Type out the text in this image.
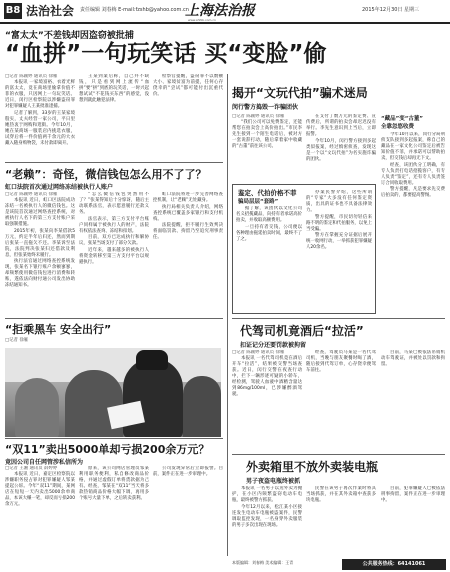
B8 法治社会 责任编辑 刘春梅 E-mail:fzshb@yahoo.com.cn
上海法治报
www.shfzb.com.cn
2015年12月30日 星期三
“富太太”不差钱却因盗窃被批捕
“血拼”一句玩笑话 买“变脸”偷
□记者 陈颖婷 通讯员 徐雁

本报讯 一家境富裕、衣着光鲜的富太太，竟在商场里偷拿价值不菲的衣服，只因网上一句玩笑话。近日，闵行区检察院以涉嫌盗窃罪对犯罪嫌疑人王某批准逮捕。

记者了解到，33岁的王某家境殷实，丈夫经营一家公司，平日里她热衷于网购和逛街。今年10月，她在某商场一服装店内挑选衣服，试穿后将一件价值两千余元的大衣藏入随身购物袋，未付款即离开。

王某到案后称，自己并不缺钱，只是看到网上流传“血拼”要“拼”到底的玩笑话，一时兴起想试试“不花钱买东西”的感觉，没想到就此触犯法律。

检察官提醒，盗窃罪不以数额大小、家境贫富为前提，任何心存侥幸的“尝试”都可能付出沉重代价。

“老赖”：奇怪，微信钱包怎么用不了了？
虹口法院首次通过网络冻结被执行人账户
□记者 陈颖婷 通讯员 徐雁

本报讯 近日，虹口区法院成功冻结一名被执行人的微信钱包。这是该院首次通过网络查控系统，对被执行人名下的第三方支付账户采取强制措施。

2015年初，张某向李某借款5万元，约定半年后归还，然而到期后张某一直拖欠不还。李某诉至法院，法院判决张某归还借款及利息，但张某始终未履行。

执行法官通过网络查控系统发现，张某名下银行账户余额寥寥，却频繁使用微信钱包进行消费和转账，遂依法向财付通公司发出协助冻结通知书。

“怎么微信钱包突然用不了？”张某得知后十分惊讶，随后主动联系法官，表示愿意履行还款义务。

法官表示，第三方支付平台账户同样属于被执行人的财产，法院有权依法查询、冻结和扣划。

目前，双方已达成执行和解协议，张某当场支付了部分欠款。

近年来，越来越多的被执行人将资金转移至第三方支付平台以规避执行。

虹口法院将进一步完善网络查控机制，让“老赖”无处藏身。

执行局相关负责人介绍，网络查控系统已覆盖多家银行和支付机构。

法院提醒，拒不履行生效判决将面临罚款、拘留乃至追究刑事责任。

“拒乘黑车 安全出行”
□记者 徐雁
“双11”卖出5000单却亏损200余万元？
竟因公司自任网管涉私信所为
□记者 王湘 通讯员 薛婷婷

本报讯 近日，嘉定区检察院以涉嫌职务侵占罪对犯罪嫌疑人邹某提起公诉。今年“双11”期间，某网店在短短一天内卖出5000余单商品，本该大赚一笔，却反而亏损200余万元。

原来，该公司网店管理员邹某利用职务便利，私自修改商品价格，并通过虚假订单将货款据为己有。经查，邹某在“双11”当天将多款热销商品价格大幅下调，再用多个账号大量下单，之后转卖获利。

公司发现异常后立即报警。目前，案件正在进一步审理中。

揭开“文玩代拍”骗术迷局
闵行警方捣毁一诈骗团伙
□记者 陈颖婷 通讯员 徐雁

“我们公司可以免费鉴定，还能帮您在拍卖会上高价拍出。”市民李先生接到一个陌生电话后，被对方一套说辞打动，随后拿着家中收藏的“古董”前往该公司。

在支付了数万元的鉴定费、宣传费后，所谓的拍卖会却迟迟没有举行。李先生意识到上当后，立即报警。

今年10月，闵行警方接到多起类似报案，经过缜密侦查，发现这是一个以“文玩代拍”为名实施诈骗的团伙。

鉴定、代拍价格不菲
骗局层层“套路”

据了解，该团伙以文化公司名义招揽藏品，向持有者承诺高价拍卖，并收取高额费用。

一旦持有者交钱，公司便以各种理由拖延拍卖时间，最终不了了之。

办案民警介绍，这些所谓的“专家”大多没有任何鉴定资质，出具的证书也不具备法律效力。

警方提醒，市民切勿轻信来路不明的鉴定和代拍服务，以免上当受骗。

警方在掌握充分证据后展开统一收网行动，一举抓获犯罪嫌疑人20余名。

“藏品”变“古董”
全靠忽悠收费

今年10月以来，闵行分局刑侦支队接到多起报案，称自己的藏品在一家文化公司鉴定后被告知价值不菲，并承诺可以帮助拍卖，但交钱后却再无下文。

经查，该团伙分工明确，有专人负责打电话招揽客户，有专人负责“鉴定”，还有专人负责签订合同收取费用。

警方提醒，凡是要求先交费后拍卖的，都要提高警惕。

代驾司机竟酒后“拉活”
扣证记分还要罚款被拘留
□记者 陈颖婷 通讯员 徐雁

本报讯 一名代驾司机竟在酒后开车“拉活”，结果被交警当场查获。近日，闵行交警在夜查行动中，拦下一辆形迹可疑的小轿车，经检测，驾驶人血液中酒精含量达到86mg/100ml，已涉嫌醉酒驾驶。

经查，驾驶员马某是一名代驾司机，当晚与朋友聚餐时喝了酒，随后接到代驾订单，心存侥幸便驾车前往。

目前，马某已被依法吊销机动车驾驶证，并被处以罚款和拘留。

外卖箱里不放外卖装电瓶
男子夜盗电瓶终被抓

本报讯 一名男子以送外卖为掩护，在小区内频繁盗窃电动车电瓶，最终被警方抓获。

今年12月以来，松江某小区接连发生电动车电瓶被盗案件，民警调取监控发现，一名身穿外卖服装的男子多次出现在现场。

民警在该男子再次作案时将其当场抓获，并在其外卖箱中查获多块电瓶。

目前，犯罪嫌疑人已被依法刑事拘留，案件正在进一步审理中。

本版编辑：刘春梅 美术编辑：王青	公共服务热线：64141061
